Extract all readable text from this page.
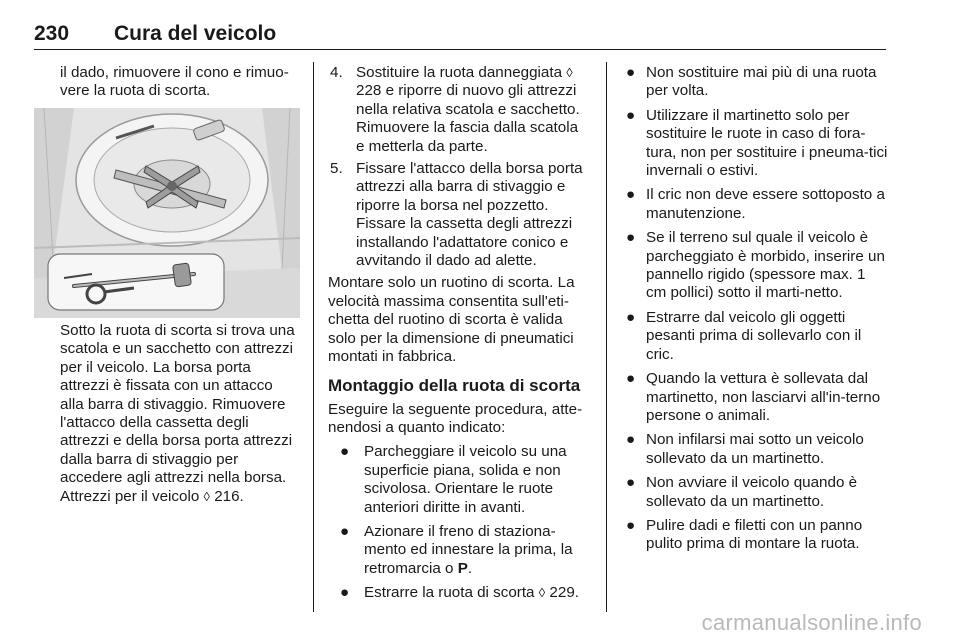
230 Cura del veicolo

il dado, rimuovere il cono e rimuo-vere la ruota di scorta.

Sotto la ruota di scorta si trova una scatola e un sacchetto con attrezzi per il veicolo. La borsa porta attrezzi è fissata con un attacco alla barra di stivaggio. Rimuovere l'attacco della cassetta degli attrezzi e della borsa porta attrezzi dalla barra di stivaggio per accedere agli attrezzi nella borsa. Attrezzi per il veicolo ◊ 216.
4. Sostituire la ruota danneggiata ◊ 228 e riporre di nuovo gli attrezzi nella relativa scatola e sacchetto. Rimuovere la fascia dalla scatola e metterla da parte.
5. Fissare l'attacco della borsa porta attrezzi alla barra di stivaggio e riporre la borsa nel pozzetto. Fissare la cassetta degli attrezzi installando l'adattatore conico e avvitando il dado ad alette.

Montare solo un ruotino di scorta. La velocità massima consentita sull'eti-chetta del ruotino di scorta è valida solo per la dimensione di pneumatici montati in fabbrica.

Montaggio della ruota di scorta

Eseguire la seguente procedura, atte-nendosi a quanto indicato:

● Parcheggiare il veicolo su una superficie piana, solida e non scivolosa. Orientare le ruote anteriori diritte in avanti.
● Azionare il freno di staziona-mento ed innestare la prima, la retromarcia o P.
● Estrarre la ruota di scorta ◊ 229.
● Non sostituire mai più di una ruota per volta.
● Utilizzare il martinetto solo per sostituire le ruote in caso di fora-tura, non per sostituire i pneuma-tici invernali o estivi.
● Il cric non deve essere sottoposto a manutenzione.
● Se il terreno sul quale il veicolo è parcheggiato è morbido, inserire un pannello rigido (spessore max. 1 cm pollici) sotto il marti-netto.
● Estrarre dal veicolo gli oggetti pesanti prima di sollevarlo con il cric.
● Quando la vettura è sollevata dal martinetto, non lasciarvi all'in-terno persone o animali.
● Non infilarsi mai sotto un veicolo sollevato da un martinetto.
● Non avviare il veicolo quando è sollevato da un martinetto.
● Pulire dadi e filetti con un panno pulito prima di montare la ruota.
carmanualsonline.info
